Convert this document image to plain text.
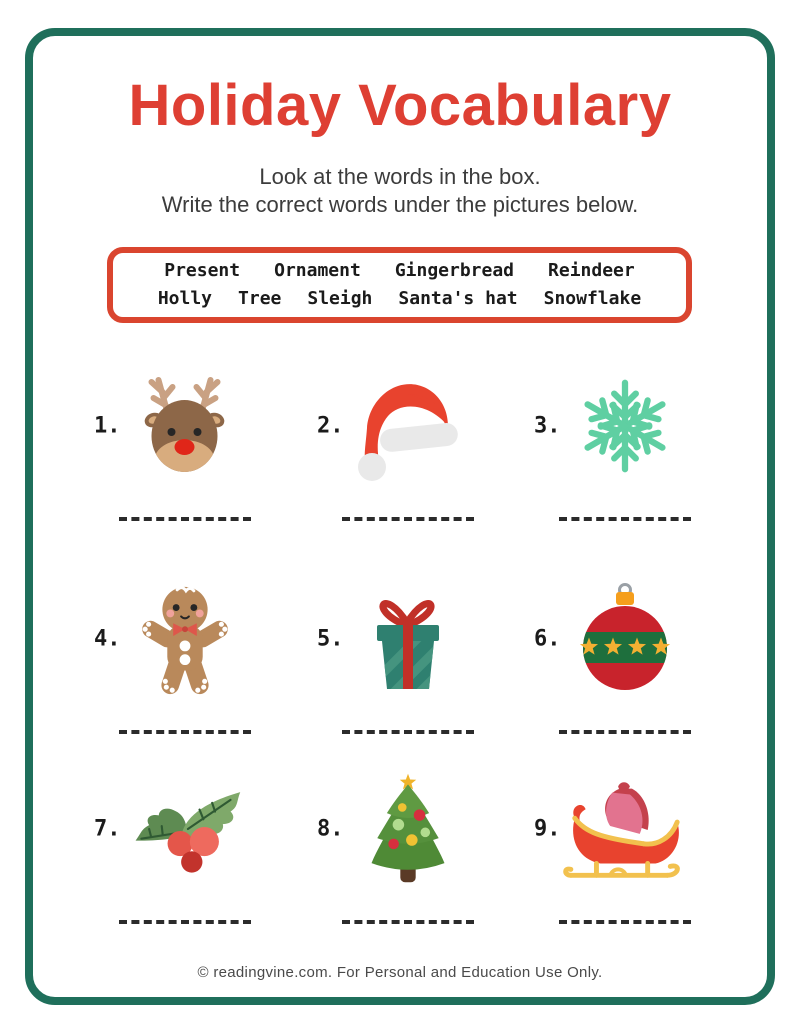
Holiday Vocabulary
Look at the words in the box.
Write the correct words under the pictures below.
Present Ornament Gingerbread Reindeer
Holly Tree Sleigh Santa's hat Snowflake
1.	2.	3.
4.	5.	6.
7.	8.	9.
© readingvine.com. For Personal and Education Use Only.
